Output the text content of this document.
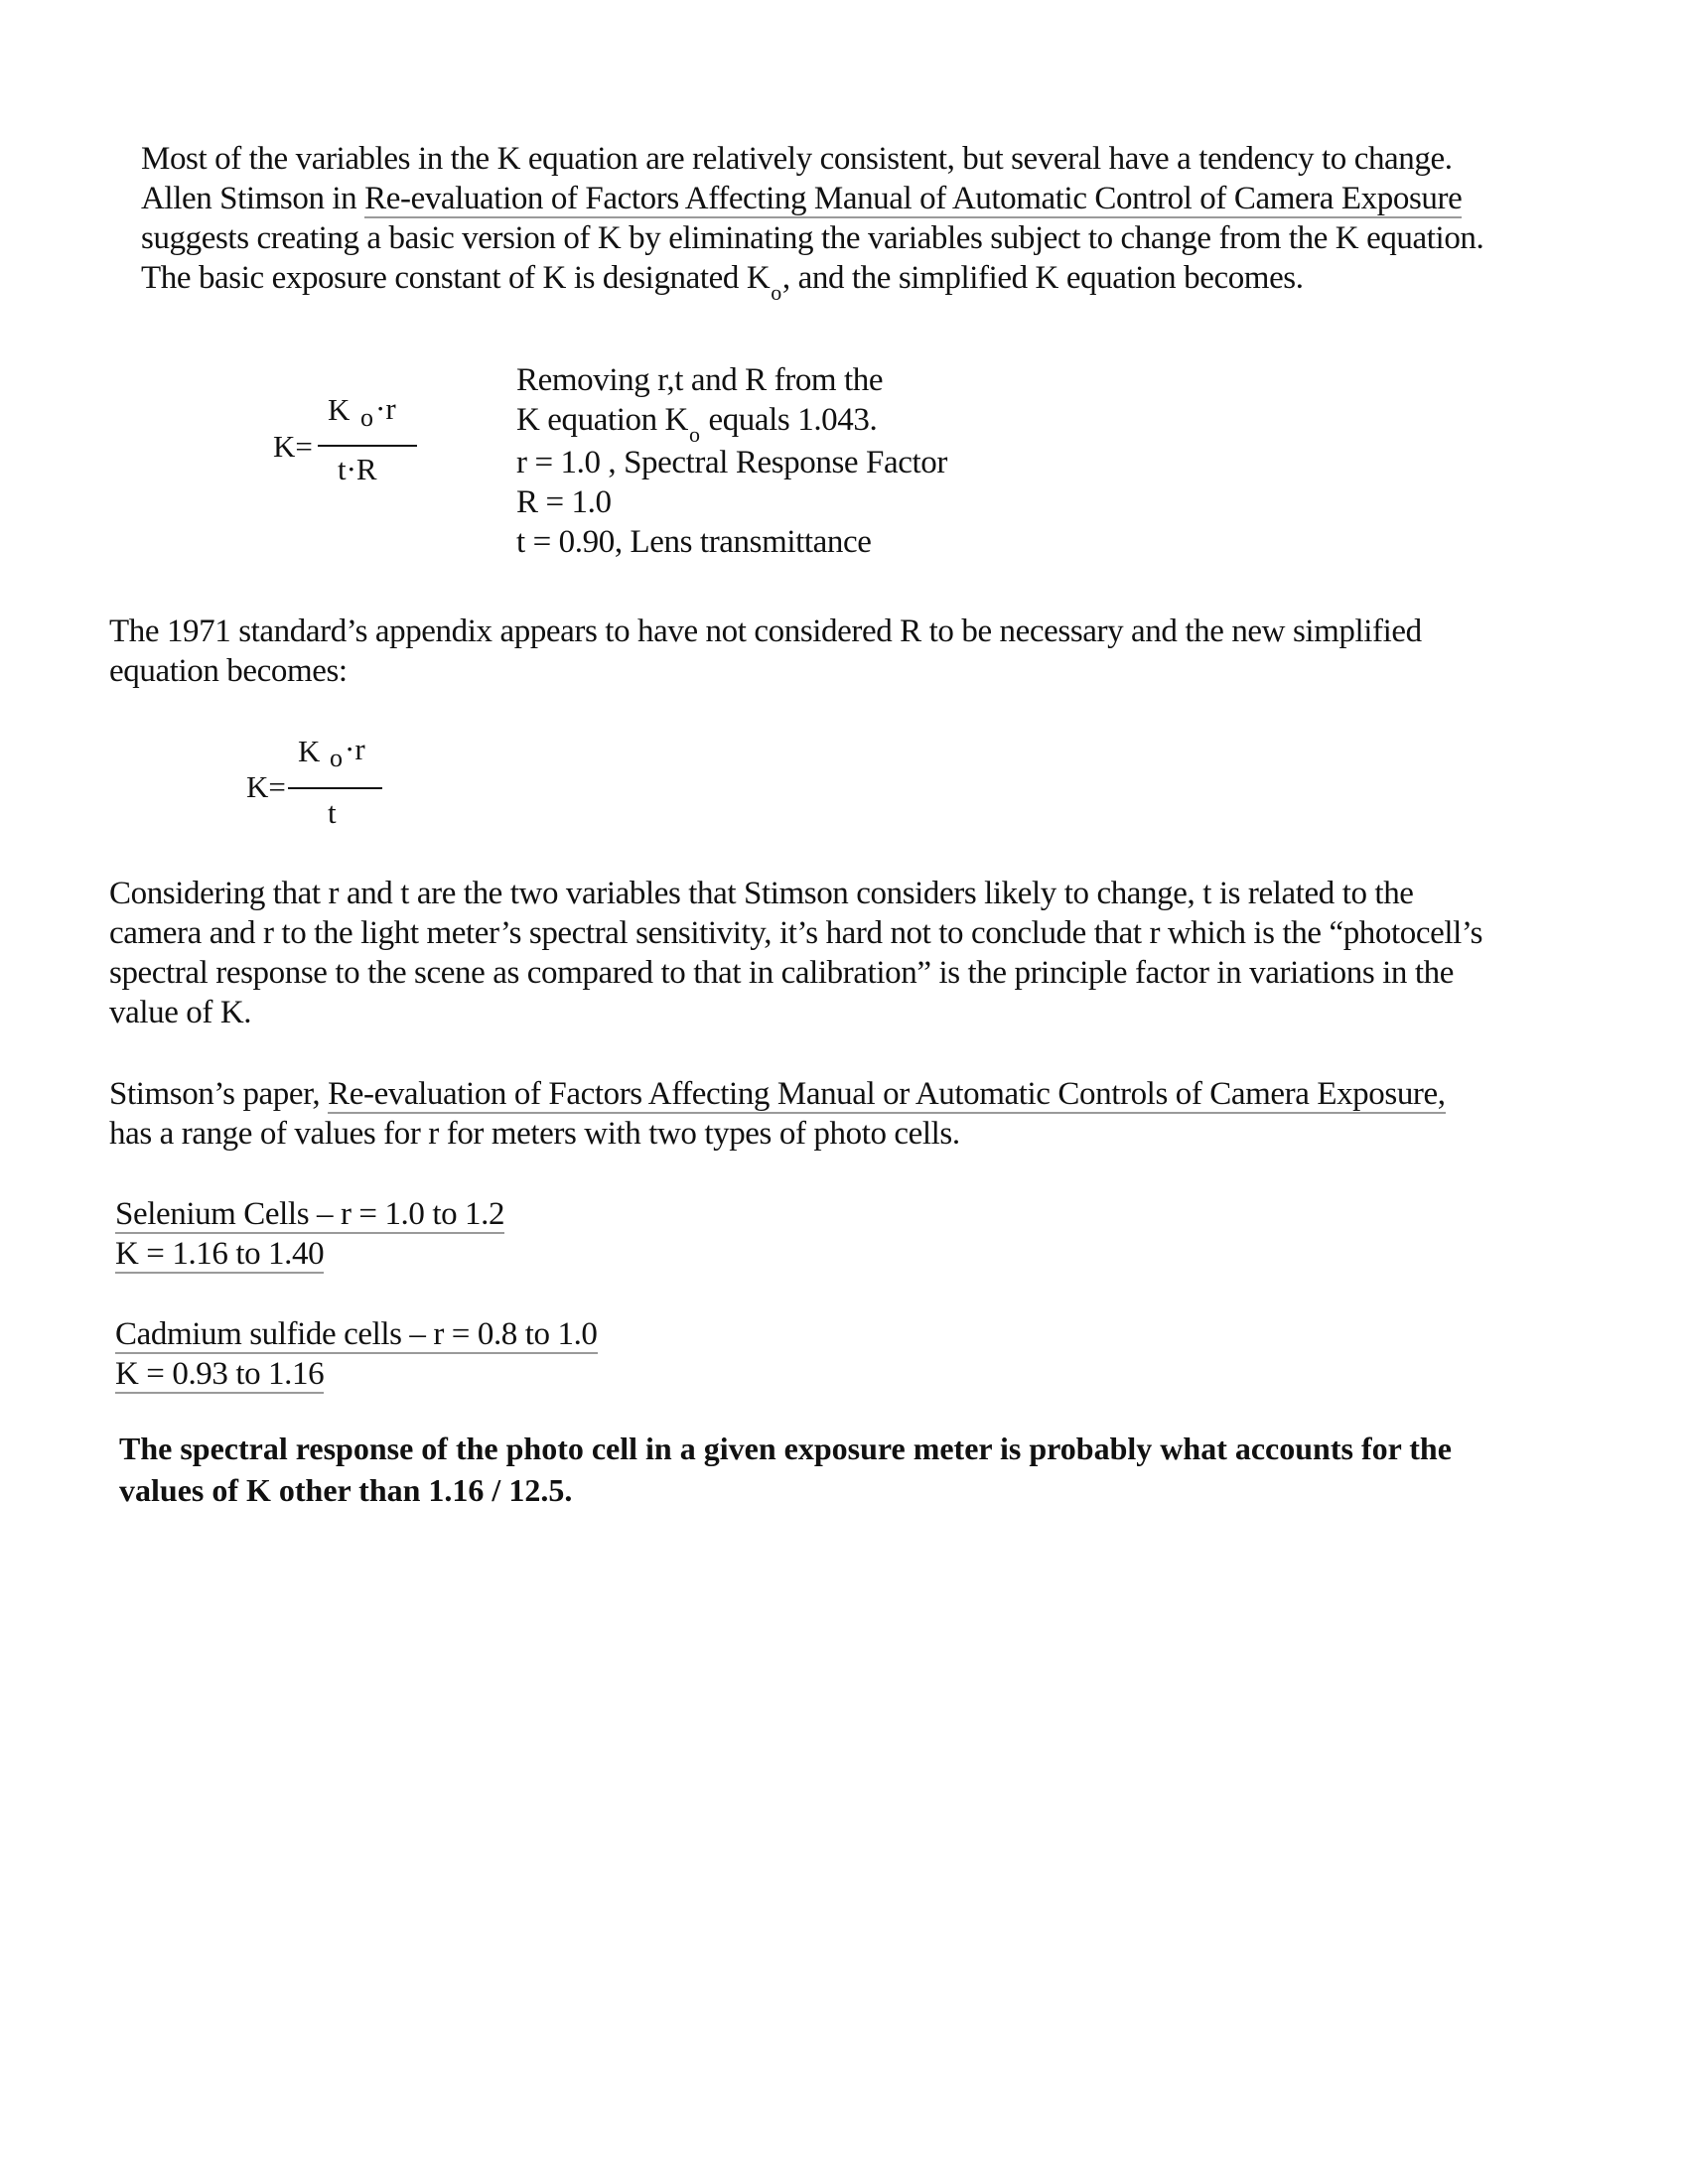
Most of the variables in the K equation are relatively consistent, but several have a tendency to change.

Allen Stimson in Re-evaluation of Factors Affecting Manual of Automatic Control of Camera Exposure

suggests creating a basic version of K by eliminating the variables subject to change from the K equation.

The basic exposure constant of K is designated $K_o$, and the simplified K equation becomes.

K=
K o ·r
t·R

Removing r,t and R from the

K equation $K_o$ equals 1.043.

r = 1.0 , Spectral Response Factor

R = 1.0

t = 0.90, Lens transmittance

The 1971 standard’s appendix appears to have not considered R to be necessary and the new simplified

equation becomes:

K=
K o ·r
t

Considering that r and t are the two variables that Stimson considers likely to change, t is related to the

camera and r to the light meter’s spectral sensitivity, it’s hard not to conclude that r which is the “photocell’s

spectral response to the scene as compared to that in calibration” is the principle factor in variations in the

value of K.

Stimson’s paper, Re-evaluation of Factors Affecting Manual or Automatic Controls of Camera Exposure,

has a range of values for r for meters with two types of photo cells.

Selenium Cells – r = 1.0 to 1.2

K = 1.16 to 1.40

Cadmium sulfide cells – r = 0.8 to 1.0

K = 0.93 to 1.16

The spectral response of the photo cell in a given exposure meter is probably what accounts for the

values of K other than 1.16 / 12.5.
